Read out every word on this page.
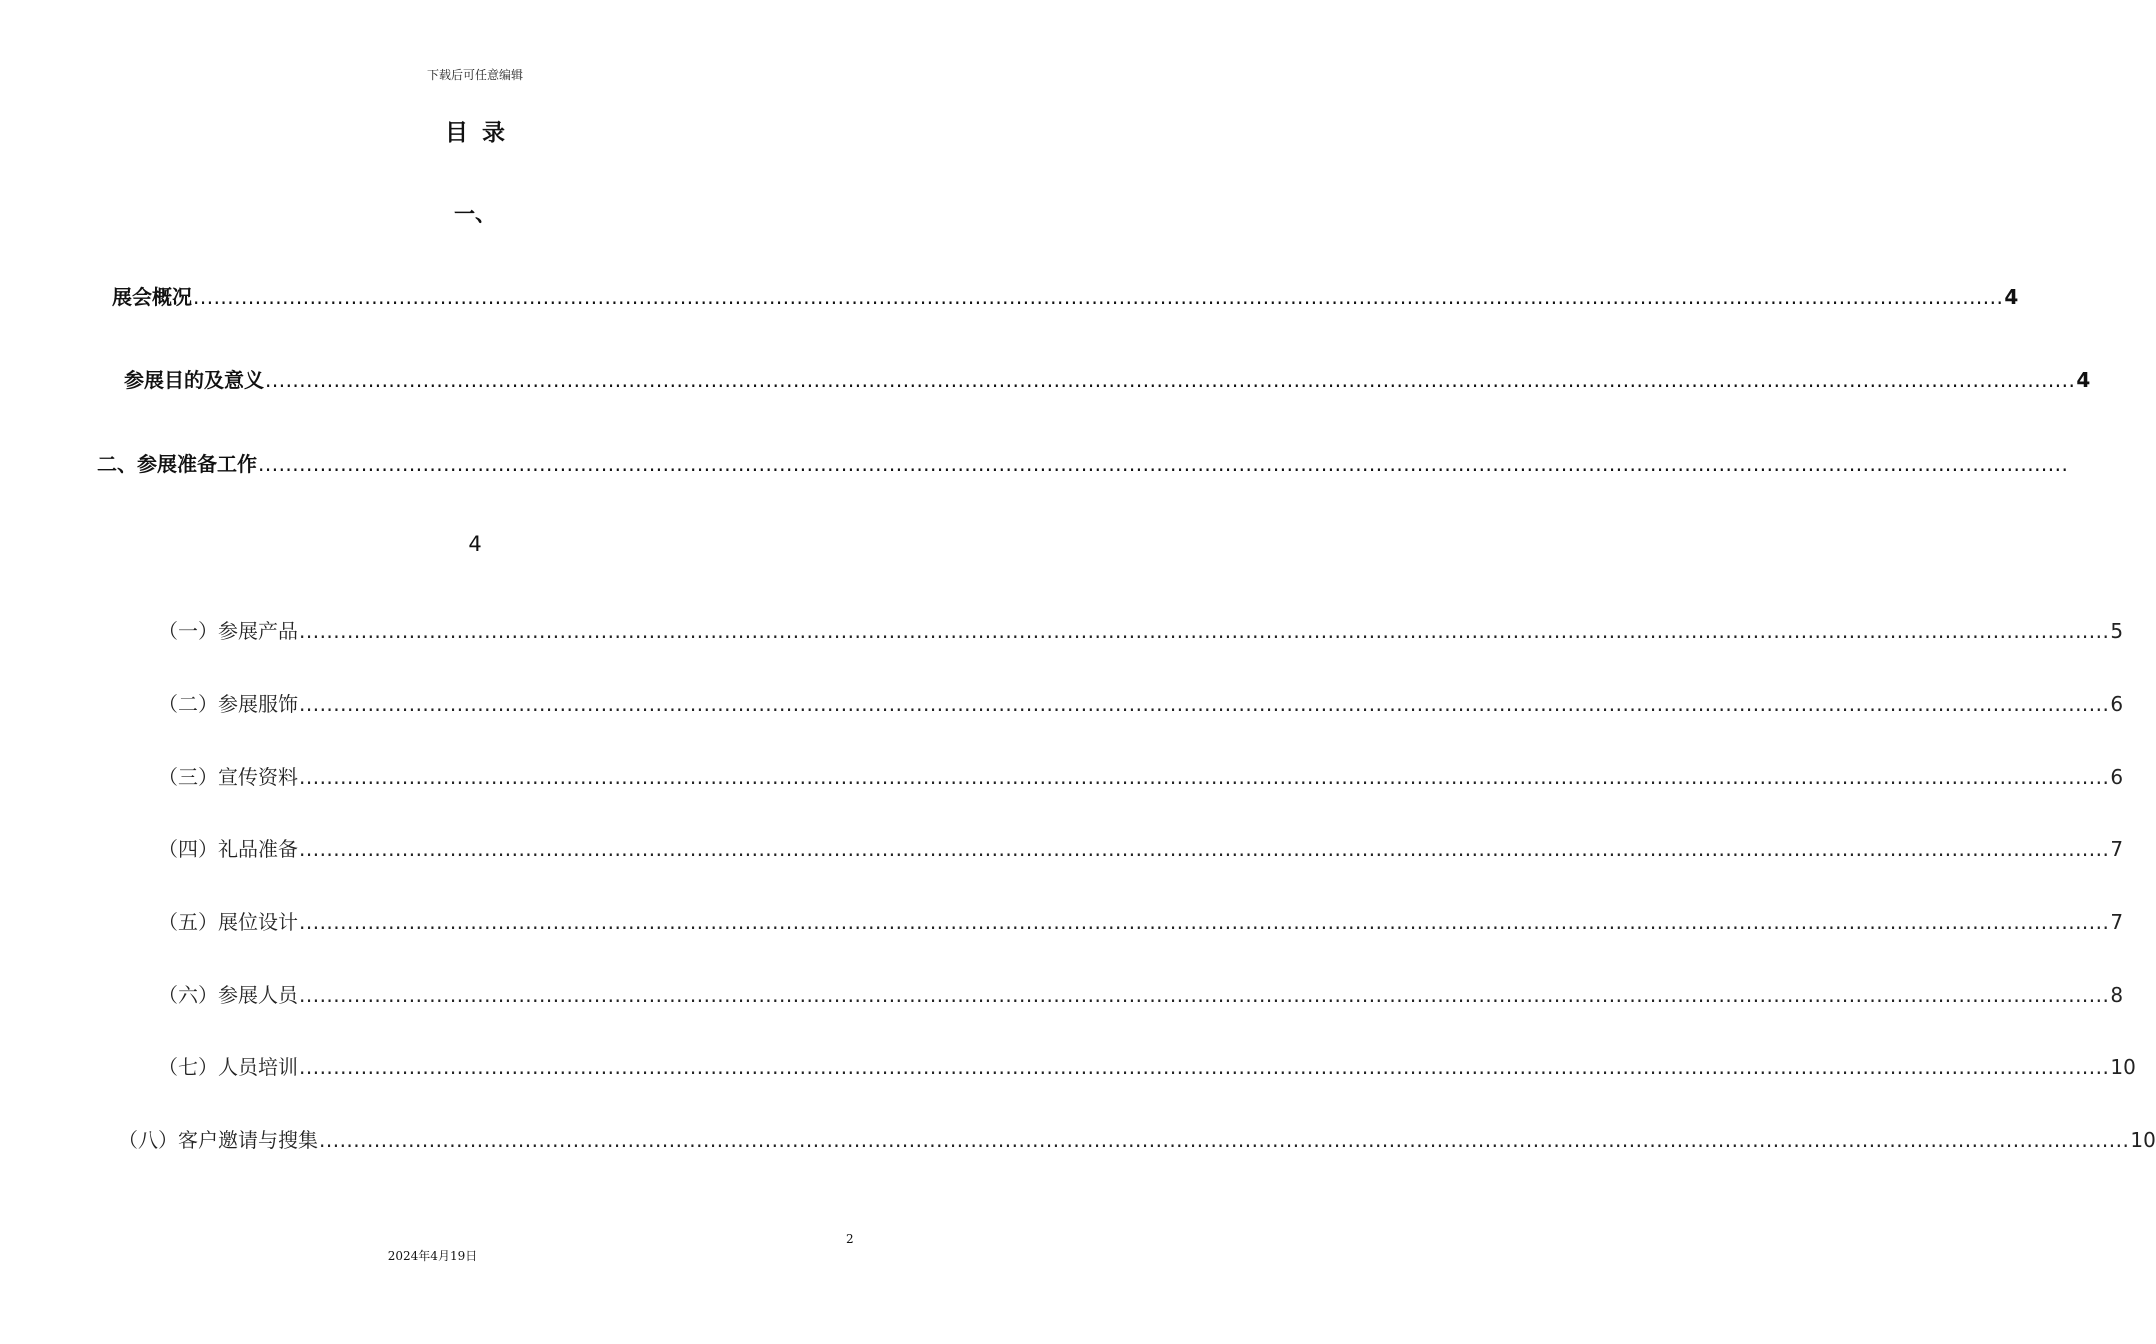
下载后可任意编辑
目录
一、
展会概况 ........................................................................................................................................................................................................................................................................ 4
参展目的及意义 ........................................................................................................................................................................................................................................................................ 4
二、参展准备工作 ........................................................................................................................................................................................................................................................................
4
（一）参展产品 ........................................................................................................................................................................................................................................................................ 5
（二）参展服饰 ........................................................................................................................................................................................................................................................................ 6
（三）宣传资料 ........................................................................................................................................................................................................................................................................ 6
（四）礼品准备 ........................................................................................................................................................................................................................................................................ 7
（五）展位设计 ........................................................................................................................................................................................................................................................................ 7
（六）参展人员 ........................................................................................................................................................................................................................................................................ 8
（七）人员培训 ........................................................................................................................................................................................................................................................................ 10
（八）客户邀请与搜集 ........................................................................................................................................................................................................................................................................ 10
2
2024年4月19日
